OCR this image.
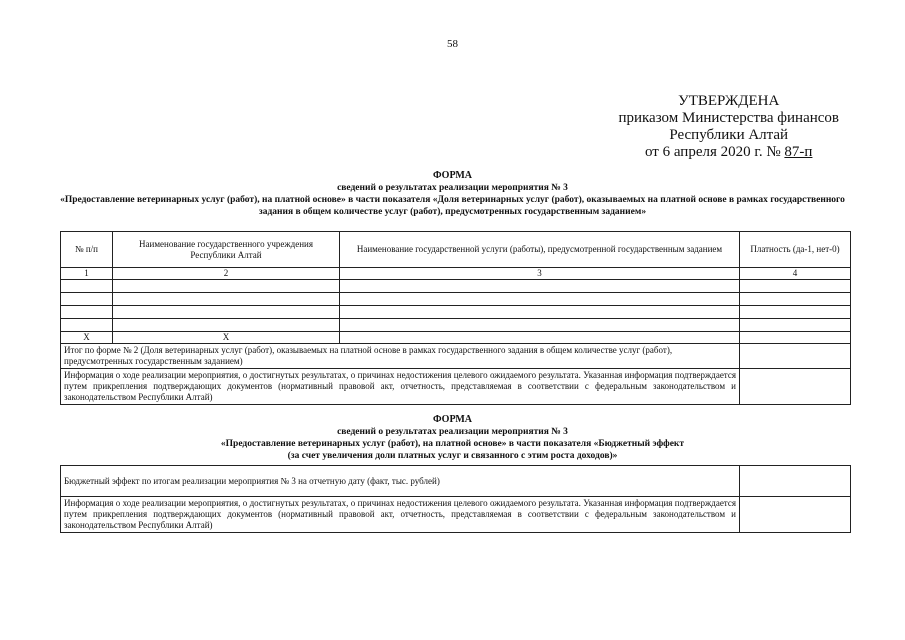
58
УТВЕРЖДЕНА
приказом Министерства финансов
Республики Алтай
от 6 апреля 2020 г. № 87-п
ФОРМА
сведений о результатах реализации мероприятия № 3
«Предоставление ветеринарных услуг (работ), на платной основе» в части показателя «Доля ветеринарных услуг (работ), оказываемых на платной основе в рамках государственного задания в общем количестве услуг (работ), предусмотренных государственным заданием»
№ п/п	Наименование государственного учреждения Республики Алтай	Наименование государственной услуги (работы), предусмотренной государственным заданием	Платность (да-1, нет-0)
1	2	3	4

Х	Х		
Итог по форме № 2 (Доля ветеринарных услуг (работ), оказываемых на платной основе в рамках государственного задания в общем количестве услуг (работ), предусмотренных государственным заданием)			
Информация о ходе реализации мероприятия, о достигнутых результатах, о причинах недостижения целевого ожидаемого результата. Указанная информация подтверждается путем прикрепления подтверждающих документов (нормативный правовой акт, отчетность, представляемая в соответствии с федеральным законодательством и законодательством Республики Алтай)			
ФОРМА
сведений о результатах реализации мероприятия № 3
«Предоставление ветеринарных услуг (работ), на платной основе» в части показателя «Бюджетный эффект
(за счет увеличения доли платных услуг и связанного с этим роста доходов)»
Бюджетный эффект по итогам реализации мероприятия № 3 на отчетную дату (факт, тыс. рублей)	
Информация о ходе реализации мероприятия, о достигнутых результатах, о причинах недостижения целевого ожидаемого результата. Указанная информация подтверждается путем прикрепления подтверждающих документов (нормативный правовой акт, отчетность, представляемая в соответствии с федеральным законодательством и законодательством Республики Алтай)	
